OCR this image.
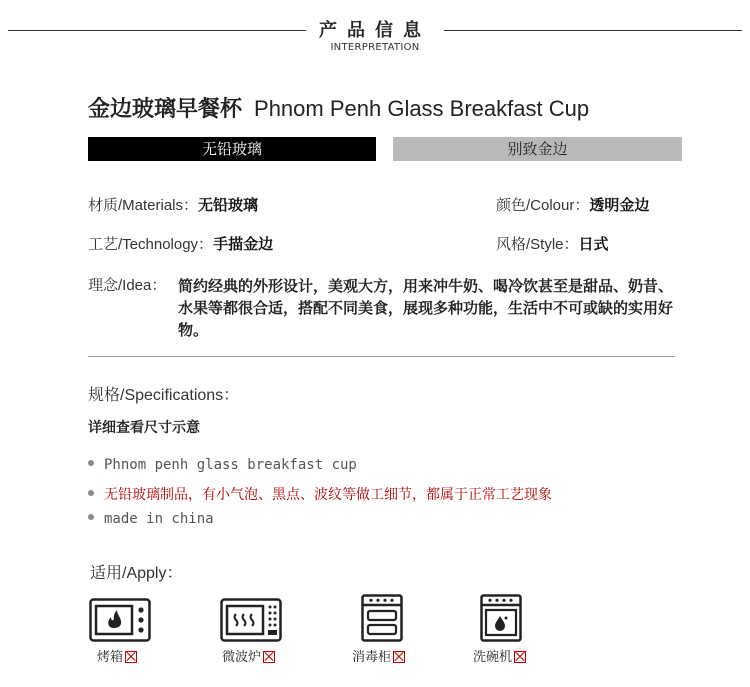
产品信息
INTERPRETATION
金边玻璃早餐杯 Phnom Penh Glass Breakfast Cup
无铅玻璃	别致金边
材质/Materials：无铅玻璃	颜色/Colour：透明金边
工艺/Technology：手描金边	风格/Style：日式
理念/Idea： 简约经典的外形设计，美观大方，用来冲牛奶、喝冷饮甚至是甜品、奶昔、水果等都很合适，搭配不同美食，展现多种功能，生活中不可或缺的实用好物。
规格/Specifications：
详细查看尺寸示意
Phnom penh glass breakfast cup
无铅玻璃制品，有小气泡、黑点、波纹等做工细节，都属于正常工艺现象
made in china
适用/Apply：
烤箱	微波炉	消毒柜	洗碗机
